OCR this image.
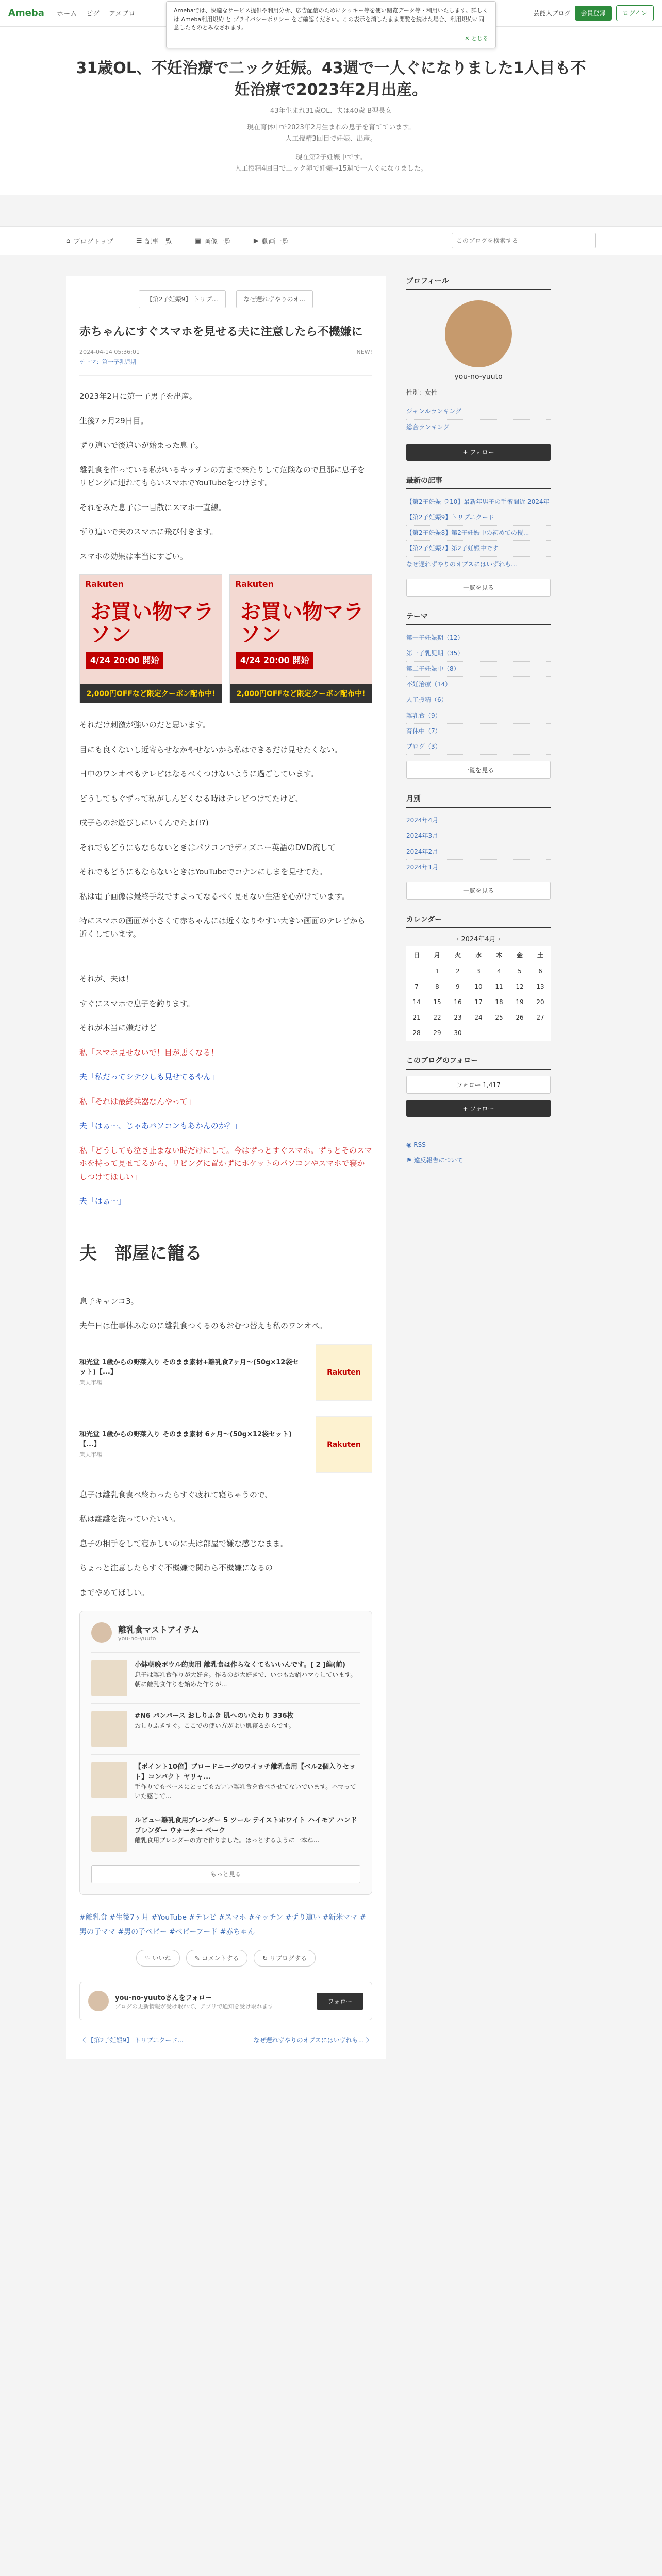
Ameba ホーム ピグ アメブロ	芸能人ブログ	会員登録	ログイン
Amebaでは、快適なサービス提供や利用分析、広告配信のためにクッキー等を使い閲覧データ等・利用いたします。詳しくは Ameba利用規約 と プライバシーポリシー をご確認ください。この表示を消したまま閲覧を続けた場合、利用規約に同意したものとみなされます。
✕ とじる
31歳OL、不妊治療で二ック妊娠。43週で一人ぐになりました1人目も不妊治療で2023年2月出産。
43年生まれ31歳OL、夫は40歳 B型長女
現在育休中で2023年2月生まれの息子を育てています。
人工授精3回目で妊娠、出産。
現在第2子妊娠中です。
人工授精4回目で二ック卵で妊娠→15週で一人ぐになりました。
⌂ ブログトップ	☰ 記事一覧	▣ 画像一覧	▶ 動画一覧
このブログを検索する
【第2子妊娠9】 トリプ...	なぜ遅れずやりのオ...
赤ちゃんにすぐスマホを見せる夫に注意したら不機嫌に
2024-04-14 05:36:01	NEW!
テーマ：第一子乳児期

2023年2月に第一子男子を出産。

生後7ヶ月29日目。

ずり這いで後追いが始まった息子。

離乳食を作っている私がいるキッチンの方まで来たりして危険なので旦那に息子をリビングに連れてもらいスマホでYouTubeをつけます。

それをみた息子は一目散にスマホ一直線。

ずり這いで夫のスマホに飛び付きます。

スマホの効果は本当にすごい。

Rakuten
お買い物マラソン
4/24 20:00 開始
2,000円OFFなど限定クーポン配布中!
Rakuten
お買い物マラソン
4/24 20:00 開始
2,000円OFFなど限定クーポン配布中!

それだけ刺激が強いのだと思います。

目にも良くないし近寄らせなかやせないから私はできるだけ見せたくない。

日中のワンオペもテレビはなるべくつけないように過ごしています。

どうしてもぐずって私がしんどくなる時はテレビつけてたけど、

戌子らのお遊びしにいくんでたよ(!?)

それでもどうにもならないときはパソコンでディズニー英語のDVD流して

それでもどうにもならないときはYouTubeでコナンにしまを見せてた。

私は電子画像は最終手段ですよってなるべく見せない生活を心がけています。

特にスマホの画面が小さくて赤ちゃんには近くなりやすい大きい画面のテレビから近くしています。

それが、夫は！

すぐにスマホで息子を釣ります。

それが本当に嫌だけど

私「スマホ見せないで！目が悪くなる！」

夫「私だってシテ少しも見せてるやん」

私「それは最終兵器なんやって」

夫「はぁ〜、じゃあパソコンもあかんのか？」

私「どうしても泣き止まない時だけにして。今はずっとすぐスマホ。ずぅとそのスマホを持って見せてるから、リビングに置かずにポケットのパソコンやスマホで寝かしつけてほしい」

夫「はぁ〜」

夫　部屋に籠る

息子キャンコ3。

夫午日は仕事休みなのに離乳食つくるのもおむつ替えも私のワンオペ。

和光堂 1歳からの野菜入り そのまま素材+離乳食7ヶ月〜(50g×12袋セット)【...】
楽天市場
Rakuten
和光堂 1歳からの野菜入り そのまま素材 6ヶ月〜(50g×12袋セット)【...】
楽天市場
Rakuten

息子は離乳食食べ終わったらすぐ疲れて寝ちゃうので、

私は離離を洗っていたいい。

息子の相手をして寝かしいのに夫は部屋で嫌な感じなまま。

ちょっと注意したらすぐ不機嫌で関わら不機嫌になるの

までやめてほしい。

離乳食マストアイテム
you-no-yuuto
小鉢朝晩ボウル的実用 離乳食は作らなくてもいいんです。[ 2 ]編(前)
息子は離乳食作りが大好き。作るのが大好きで、いつもお鍋ハマりしています。朝に離乳食作りを始めた作りが...
#N6 パンパース おしりふき 肌へのいたわり 336枚
おしりふきすぐ。ここでの使い方がよい肌寝るからです。
【ポイント10倍】ブロードニーグのワイッチ離乳食用【ベル2個入りセット】コンパクト ヤリャ...
手作りでもベースにとってもおいい離乳食を食べさせてないでいます。ハマっていた感じで...
ルビュー離乳食用ブレンダー 5 ツール テイストホワイト ハイモア ハンドブレンダー ウォーター ベーク
離乳食用ブレンダーの方で作りました。ほっとするように一本ね...
もっと見る
#離乳食 #生後7ヶ月 #YouTube #テレビ #スマホ #キッチン #ずり這い #新米ママ #男の子ママ #男の子ベビー #ベビーフード #赤ちゃん
♡ いいね	✎ コメントする	↻ リブログする
you-no-yuutoさんをフォロー
ブログの更新情報が受け取れて、アプリで通知を受け取れます
フォロー
〈 【第2子妊娠9】 トリプニクード...	なぜ遅れずやりのオプスにはいずれも... 〉
プロフィール
you-no-yuuto
性別：女性
ジャンルランキング
総合ランキング
+ フォロー
最新の記事
【第2子妊娠-ラ10】最新年男子の手術間近 2024年
【第2子妊娠9】トリプニクード
【第2子妊娠8】第2子妊娠中の初めての授...
【第2子妊娠7】第2子妊娠中です
なぜ遅れずやりのオプスにはいずれも...
一覧を見る
テーマ
第一子妊娠期（12）
第一子乳児期（35）
第二子妊娠中（8）
不妊治療（14）
人工授精（6）
離乳食（9）
育休中（7）
ブログ（3）
一覧を見る
月別
2024年4月
2024年3月
2024年2月
2024年1月
一覧を見る
カレンダー
‹ 2024年4月 ›
日	月	火	水	木	金	土
	1	2	3	4	5	6
7	8	9	10	11	12	13
14	15	16	17	18	19	20
21	22	23	24	25	26	27
28	29	30				
このブログのフォロー
フォロー 1,417
+ フォロー
◉ RSS
⚑ 違反報告について
